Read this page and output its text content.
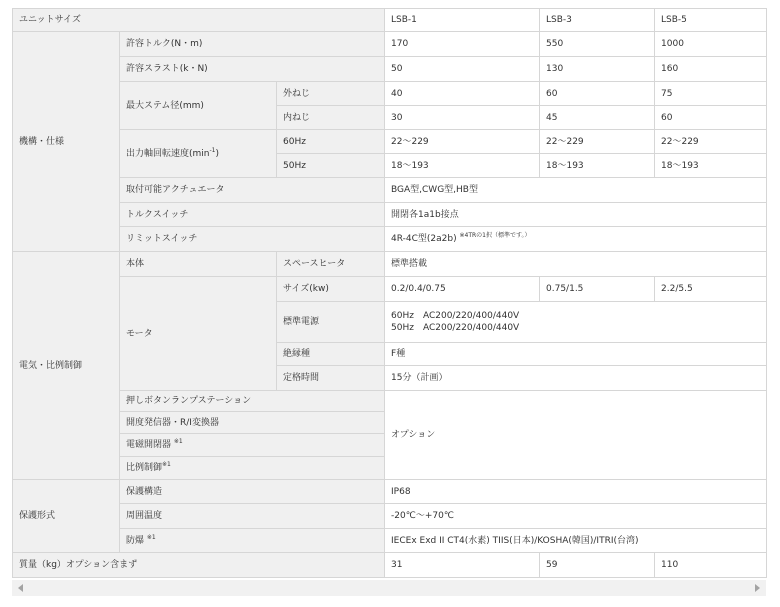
ユニットサイズ			LSB-1	LSB-3	LSB-5
機構・仕様	許容トルク(N・m)		170	550	1000
	許容スラスト(k・N)		50	130	160
	最大ステム径(mm)	外ねじ	40	60	75
		内ねじ	30	45	60
	出力軸回転速度$(\min^{-1})$	60Hz	22～229	22～229	22～229
		50Hz	18～193	18～193	18～193
	取付可能アクチュエータ		BGA型,CWG型,HB型		
	トルクスイッチ		開閉各1a1b接点		
	リミットスイッチ		4R-4C型(2a2b) $^{※4TRの1択(標準です。)}$
電気・比例制御	本体	スペースヒータ	標準搭載		
	モータ	サイズ(kw)	0.2/0.4/0.75	0.75/1.5	2.2/5.5
		標準電源	60Hz　AC200/220/400/440V
50Hz　AC200/220/400/440V		

		絶縁種	F種		
		定格時間	15分（計画）		
	押しボタンランプステーション		オプション		
	開度発信器・R/I変換器				
	電磁開閉器 $^{※1}$
	比例制御$^{※1}$
保護形式	保護構造		IP68		
	周囲温度		-20℃～+70℃		
	防爆 $^{※1}$		IECEx Exd II CT4(水素) TIIS(日本)/KOSHA(韓国)/ITRI(台湾)		
質量（kg）オプション含まず			31	59	110
